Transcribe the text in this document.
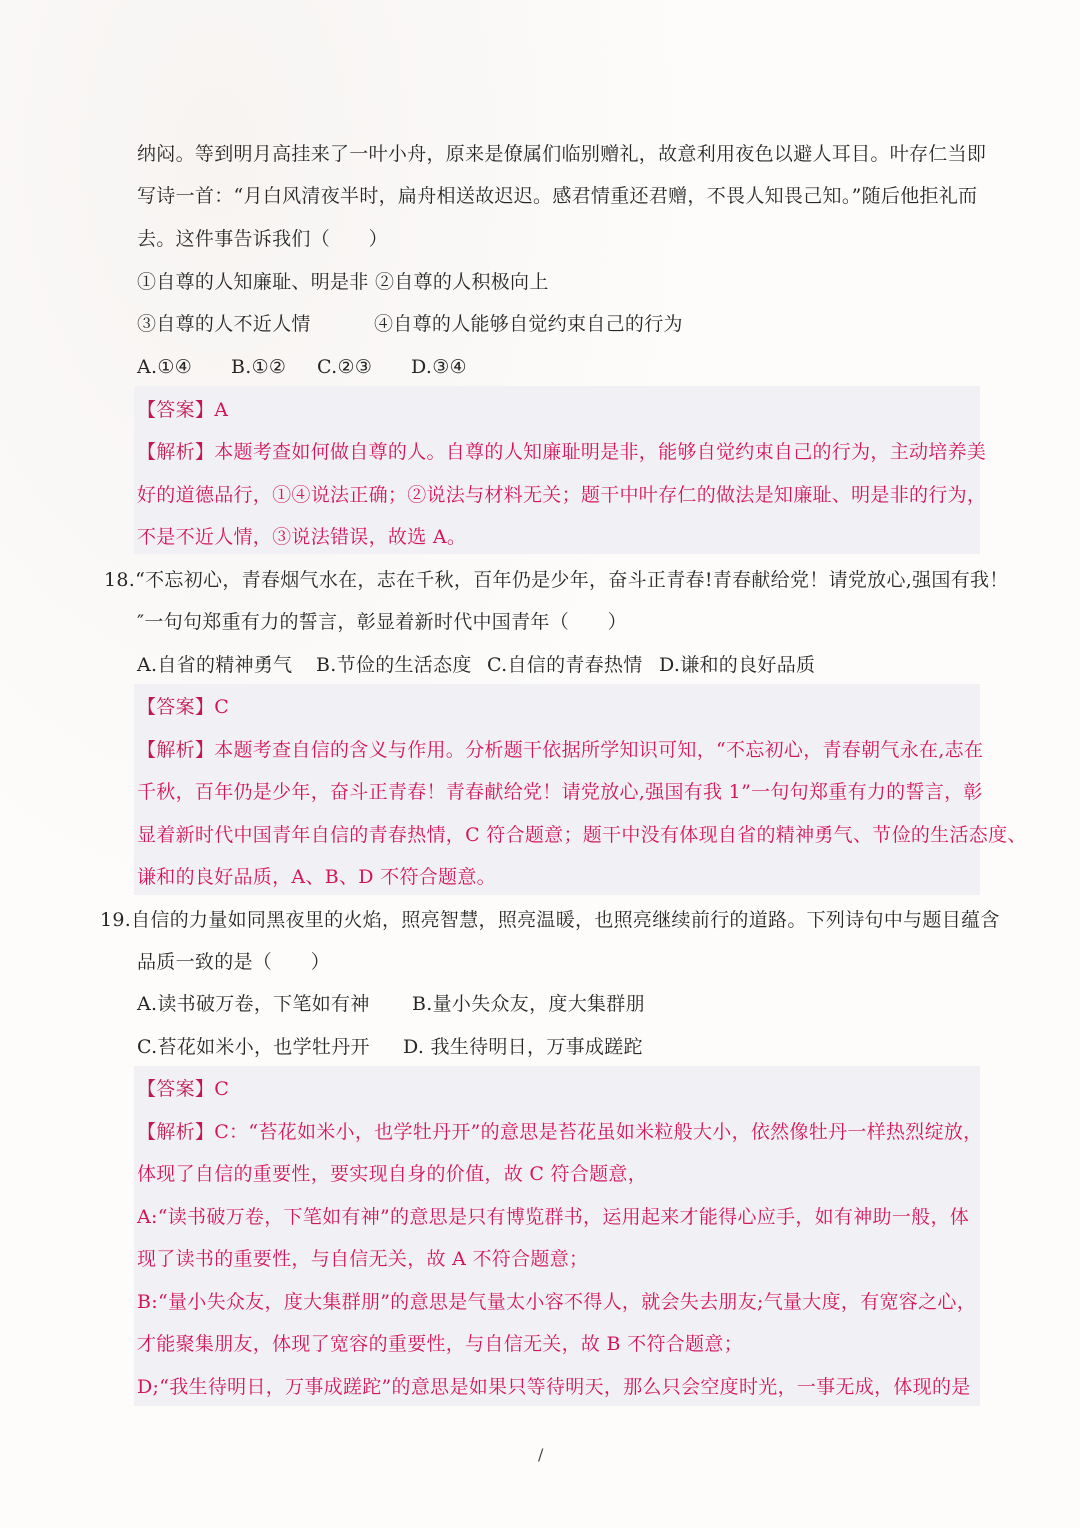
纳闷。等到明月高挂来了一叶小舟，原来是僚属们临别赠礼，故意利用夜色以避人耳目。叶存仁当即
写诗一首：“月白风清夜半时，扁舟相送故迟迟。感君情重还君赠，不畏人知畏己知。”随后他拒礼而
去。这件事告诉我们（　　）
①自尊的人知廉耻、明是非 ②自尊的人积极向上
③自尊的人不近人情	④自尊的人能够自觉约束自己的行为
A.①④ B.①② C.②③ D.③④
【答案】A
【解析】本题考查如何做自尊的人。自尊的人知廉耻明是非，能够自觉约束自己的行为，主动培养美
好的道德品行，①④说法正确；②说法与材料无关；题干中叶存仁的做法是知廉耻、明是非的行为，
不是不近人情，③说法错误，故选 A。
18.“不忘初心，青春烟气水在，志在千秋，百年仍是少年，奋斗正青春!青春献给党！请党放心,强国有我！
″一句句郑重有力的誓言，彰显着新时代中国青年（　　）
A.自省的精神勇气 B.节俭的生活态度 C.自信的青春热情 D.谦和的良好品质
【答案】C
【解析】本题考查自信的含义与作用。分析题干依据所学知识可知，“不忘初心，青春朝气永在,志在
千秋，百年仍是少年，奋斗正青春！青春献给党！请党放心,强国有我 1”一句句郑重有力的誓言，彰
显着新时代中国青年自信的青春热情，C 符合题意；题干中没有体现自省的精神勇气、节俭的生活态度、
谦和的良好品质，A、B、D 不符合题意。
19.自信的力量如同黑夜里的火焰，照亮智慧，照亮温暖，也照亮继续前行的道路。下列诗句中与题目蕴含
品质一致的是（　　）
A.读书破万卷，下笔如有神 B.量小失众友，度大集群朋
C.苔花如米小，也学牡丹开 D. 我生待明日，万事成蹉跎
【答案】C
【解析】C：“苔花如米小，也学牡丹开”的意思是苔花虽如米粒般大小，依然像牡丹一样热烈绽放，
体现了自信的重要性，要实现自身的价值，故 C 符合题意，
A:“读书破万卷，下笔如有神”的意思是只有博览群书，运用起来才能得心应手，如有神助一般，体
现了读书的重要性，与自信无关，故 A 不符合题意；
B:“量小失众友，度大集群朋”的意思是气量太小容不得人，就会失去朋友;气量大度，有宽容之心，
才能聚集朋友，体现了宽容的重要性，与自信无关，故 B 不符合题意；
D;“我生待明日，万事成蹉跎”的意思是如果只等待明天，那么只会空度时光，一事无成，体现的是
/
